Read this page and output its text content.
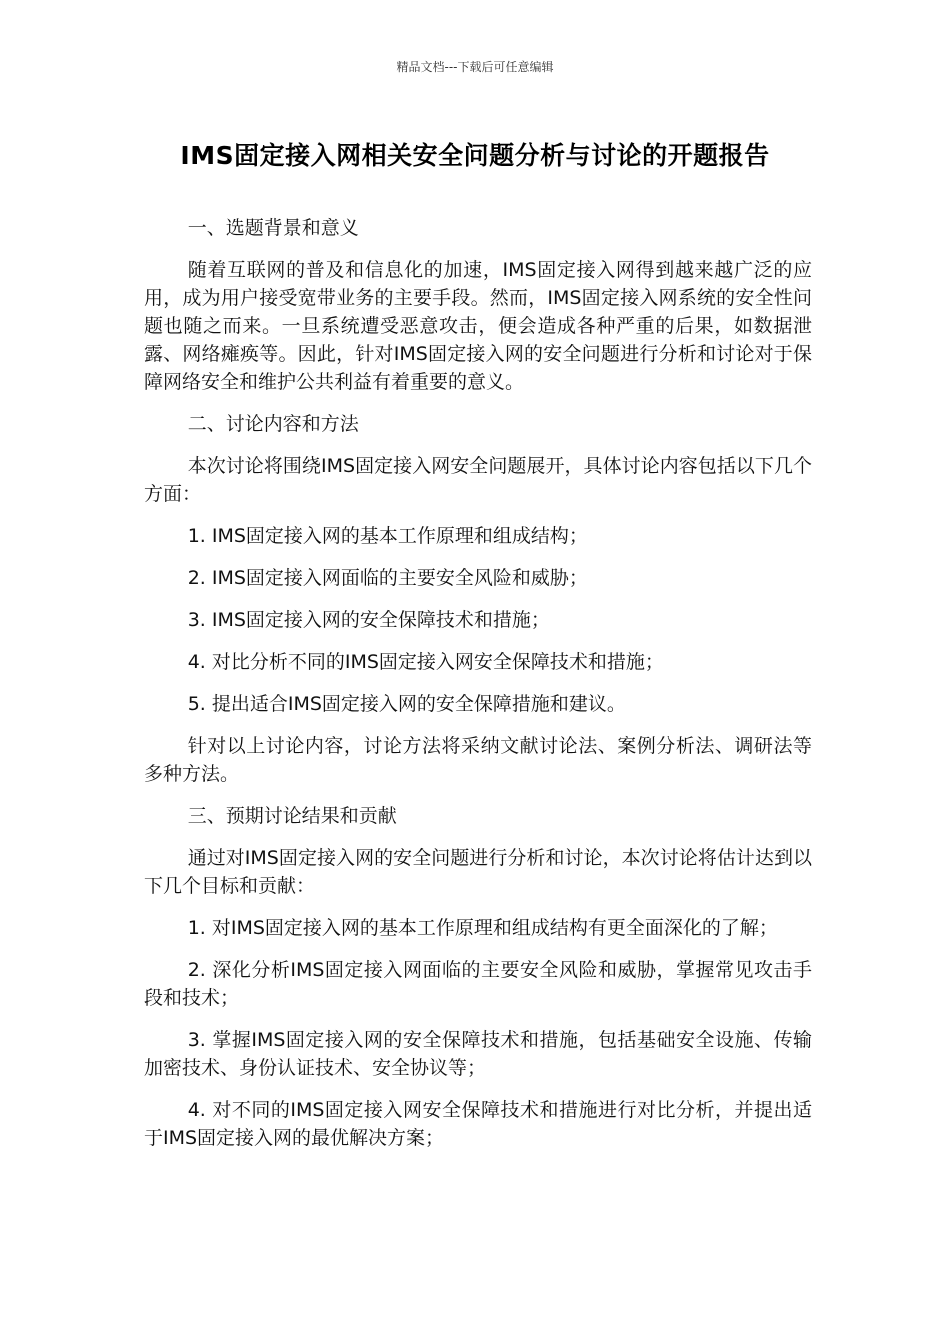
精品文档---下载后可任意编辑
IMS固定接入网相关安全问题分析与讨论的开题报告

一、选题背景和意义

随着互联网的普及和信息化的加速，IMS固定接入网得到越来越广泛的应用，成为用户接受宽带业务的主要手段。然而，IMS固定接入网系统的安全性问题也随之而来。一旦系统遭受恶意攻击，便会造成各种严重的后果，如数据泄露、网络瘫痪等。因此，针对IMS固定接入网的安全问题进行分析和讨论对于保障网络安全和维护公共利益有着重要的意义。

二、讨论内容和方法

本次讨论将围绕IMS固定接入网安全问题展开，具体讨论内容包括以下几个方面：

1. IMS固定接入网的基本工作原理和组成结构；

2. IMS固定接入网面临的主要安全风险和威胁；

3. IMS固定接入网的安全保障技术和措施；

4. 对比分析不同的IMS固定接入网安全保障技术和措施；

5. 提出适合IMS固定接入网的安全保障措施和建议。

针对以上讨论内容，讨论方法将采纳文献讨论法、案例分析法、调研法等多种方法。

三、预期讨论结果和贡献

通过对IMS固定接入网的安全问题进行分析和讨论，本次讨论将估计达到以下几个目标和贡献：

1. 对IMS固定接入网的基本工作原理和组成结构有更全面深化的了解；

2. 深化分析IMS固定接入网面临的主要安全风险和威胁，掌握常见攻击手段和技术；

3. 掌握IMS固定接入网的安全保障技术和措施，包括基础安全设施、传输加密技术、身份认证技术、安全协议等；

4. 对不同的IMS固定接入网安全保障技术和措施进行对比分析，并提出适于IMS固定接入网的最优解决方案；
